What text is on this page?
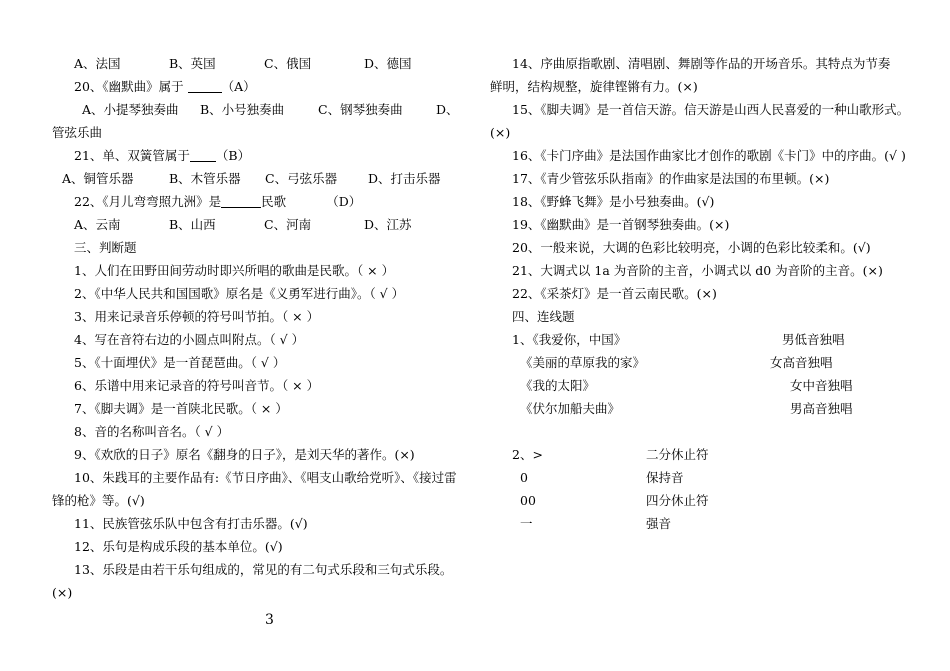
A、法国	B、英国	C、俄国	D、德国
20、《幽默曲》属于	（A）
A、小提琴独奏曲 B、小号独奏曲	C、钢琴独奏曲	D、
管弦乐曲
21、单、双簧管属于 （B）
A、铜管乐器	B、木管乐器 C、弓弦乐器 D、打击乐器
22、《月儿弯弯照九洲》是	民歌	（D）
A、云南	B、山西	C、河南	D、江苏
三、判断题
1、人们在田野田间劳动时即兴所唱的歌曲是民歌。（ × ）
2、《中华人民共和国国歌》原名是《义勇军进行曲》。（ √ ）
3、用来记录音乐停顿的符号叫节拍。（ × ）
4、写在音符右边的小圆点叫附点。（ √ ）
5、《十面埋伏》是一首琵琶曲。（ √ ）
6、乐谱中用来记录音的符号叫音节。（ × ）
7、《脚夫调》是一首陕北民歌。（ × ）
8、音的名称叫音名。（ √ ）
9、《欢欣的日子》原名《翻身的日子》，是刘天华的著作。(×)
10、朱践耳的主要作品有:《节日序曲》、《唱支山歌给党听》、《接过雷
锋的枪》等。(√)
11、民族管弦乐队中包含有打击乐器。(√)
12、乐句是构成乐段的基本单位。(√)
13、乐段是由若干乐句组成的，常见的有二句式乐段和三句式乐段。
(×)
3
14、序曲原指歌剧、清唱剧、舞剧等作品的开场音乐。其特点为节奏
鲜明，结构规整，旋律铿锵有力。(×)
15、《脚夫调》是一首信天游。信天游是山西人民喜爱的一种山歌形式。
(×)
16、《卡门序曲》是法国作曲家比才创作的歌剧《卡门》中的序曲。(√ )
17、《青少管弦乐队指南》的作曲家是法国的布里顿。(×)
18、《野蜂飞舞》是小号独奏曲。(√)
19、《幽默曲》是一首钢琴独奏曲。(×)
20、一般来说，大调的色彩比较明亮，小调的色彩比较柔和。(√)
21、大调式以 1a 为音阶的主音，小调式以 d0 为音阶的主音。(×)
22、《采茶灯》是一首云南民歌。(×)
四、连线题
1、《我爱你，中国》	男低音独唱
《美丽的草原我的家》	女高音独唱
《我的太阳》	女中音独唱
《伏尔加船夫曲》	男高音独唱
2、>	二分休止符
0	保持音
00	四分休止符
一	强音
